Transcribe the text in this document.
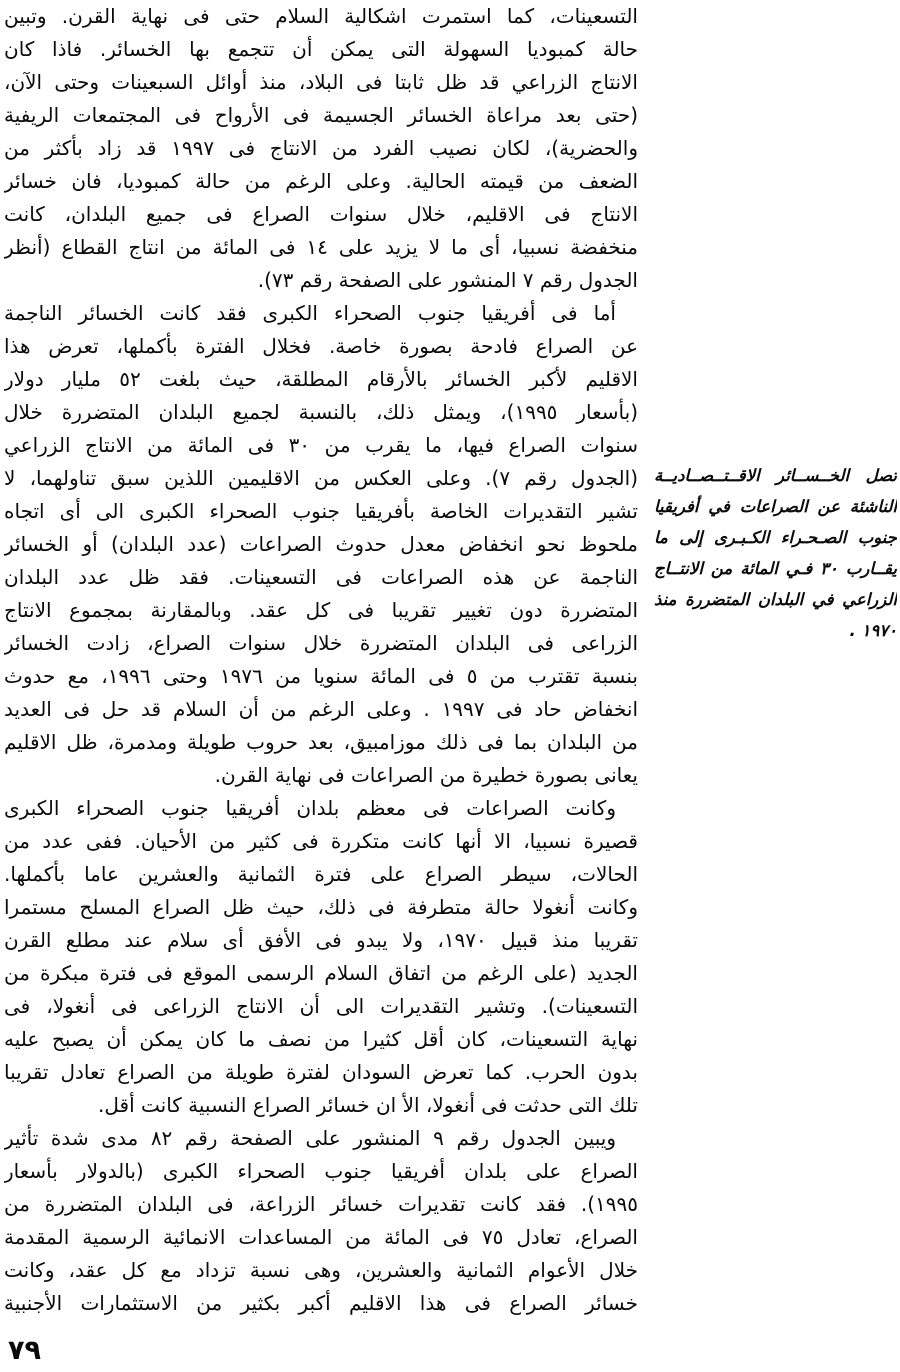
التسعينات، كما استمرت اشكالية السلام حتى فى نهاية القرن. وتبين
حالة كمبوديا السهولة التى يمكن أن تتجمع بها الخسائر. فاذا كان
الانتاج الزراعي قد ظل ثابتا فى البلاد، منذ أوائل السبعينات وحتى الآن،
(حتى بعد مراعاة الخسائر الجسيمة فى الأرواح فى المجتمعات الريفية
والحضرية)، لكان نصيب الفرد من الانتاج فى ١٩٩٧ قد زاد بأكثر من
الضعف من قيمته الحالية. وعلى الرغم من حالة كمبوديا، فان خسائر
الانتاج فى الاقليم، خلال سنوات الصراع فى جميع البلدان، كانت
منخفضة نسبيا، أى ما لا يزيد على ١٤ فى المائة من انتاج القطاع (أنظر
الجدول رقم ٧ المنشور على الصفحة رقم ٧٣).
أما فى أفريقيا جنوب الصحراء الكبرى فقد كانت الخسائر الناجمة
عن الصراع فادحة بصورة خاصة. فخلال الفترة بأكملها، تعرض هذا
الاقليم لأكبر الخسائر بالأرقام المطلقة، حيث بلغت ٥٢ مليار دولار
(بأسعار ١٩٩٥)، ويمثل ذلك، بالنسبة لجميع البلدان المتضررة خلال
سنوات الصراع فيها، ما يقرب من ٣٠ فى المائة من الانتاج الزراعي
(الجدول رقم ٧). وعلى العكس من الاقليمين اللذين سبق تناولهما، لا
تشير التقديرات الخاصة بأفريقيا جنوب الصحراء الكبرى الى أى اتجاه
ملحوظ نحو انخفاض معدل حدوث الصراعات (عدد البلدان) أو الخسائر
الناجمة عن هذه الصراعات فى التسعينات. فقد ظل عدد البلدان
المتضررة دون تغيير تقريبا فى كل عقد. وبالمقارنة بمجموع الانتاج
الزراعى فى البلدان المتضررة خلال سنوات الصراع، زادت الخسائر
بنسبة تقترب من ٥ فى المائة سنويا من ١٩٧٦ وحتى ١٩٩٦، مع حدوث
انخفاض حاد فى ١٩٩٧ . وعلى الرغم من أن السلام قد حل فى العديد
من البلدان بما فى ذلك موزامبيق، بعد حروب طويلة ومدمرة، ظل الاقليم
يعانى بصورة خطيرة من الصراعات فى نهاية القرن.
وكانت الصراعات فى معظم بلدان أفريقيا جنوب الصحراء الكبرى
قصيرة نسبيا، الا أنها كانت متكررة فى كثير من الأحيان. ففى عدد من
الحالات، سيطر الصراع على فترة الثمانية والعشرين عاما بأكملها.
وكانت أنغولا حالة متطرفة فى ذلك، حيث ظل الصراع المسلح مستمرا
تقريبا منذ قبيل ١٩٧٠، ولا يبدو فى الأفق أى سلام عند مطلع القرن
الجديد (على الرغم من اتفاق السلام الرسمى الموقع فى فترة مبكرة من
التسعينات). وتشير التقديرات الى أن الانتاج الزراعى فى أنغولا، فى
نهاية التسعينات، كان أقل كثيرا من نصف ما كان يمكن أن يصبح عليه
بدون الحرب. كما تعرض السودان لفترة طويلة من الصراع تعادل تقريبا
تلك التى حدثت فى أنغولا، الأ ان خسائر الصراع النسبية كانت أقل.
ويبين الجدول رقم ٩ المنشور على الصفحة رقم ٨٢ مدى شدة تأثير
الصراع على بلدان أفريقيا جنوب الصحراء الكبرى (بالدولار بأسعار
١٩٩٥). فقد كانت تقديرات خسائر الزراعة، فى البلدان المتضررة من
الصراع، تعادل ٧٥ فى المائة من المساعدات الانمائية الرسمية المقدمة
خلال الأعوام الثمانية والعشرين، وهى نسبة تزداد مع كل عقد، وكانت
خسائر الصراع فى هذا الاقليم أكبر بكثير من الاستثمارات الأجنبية
تصل الخــســائر الاقــتــصــاديــة
الناشئة عن الصراعات في أفريقيا
جنوب الصـحـراء الكـبـرى إلى ما
يقــارب ٣٠ فـي المائة من الانتــاج
الزراعي في البلدان المتضررة منذ
١٩٧٠ .
٧٩
